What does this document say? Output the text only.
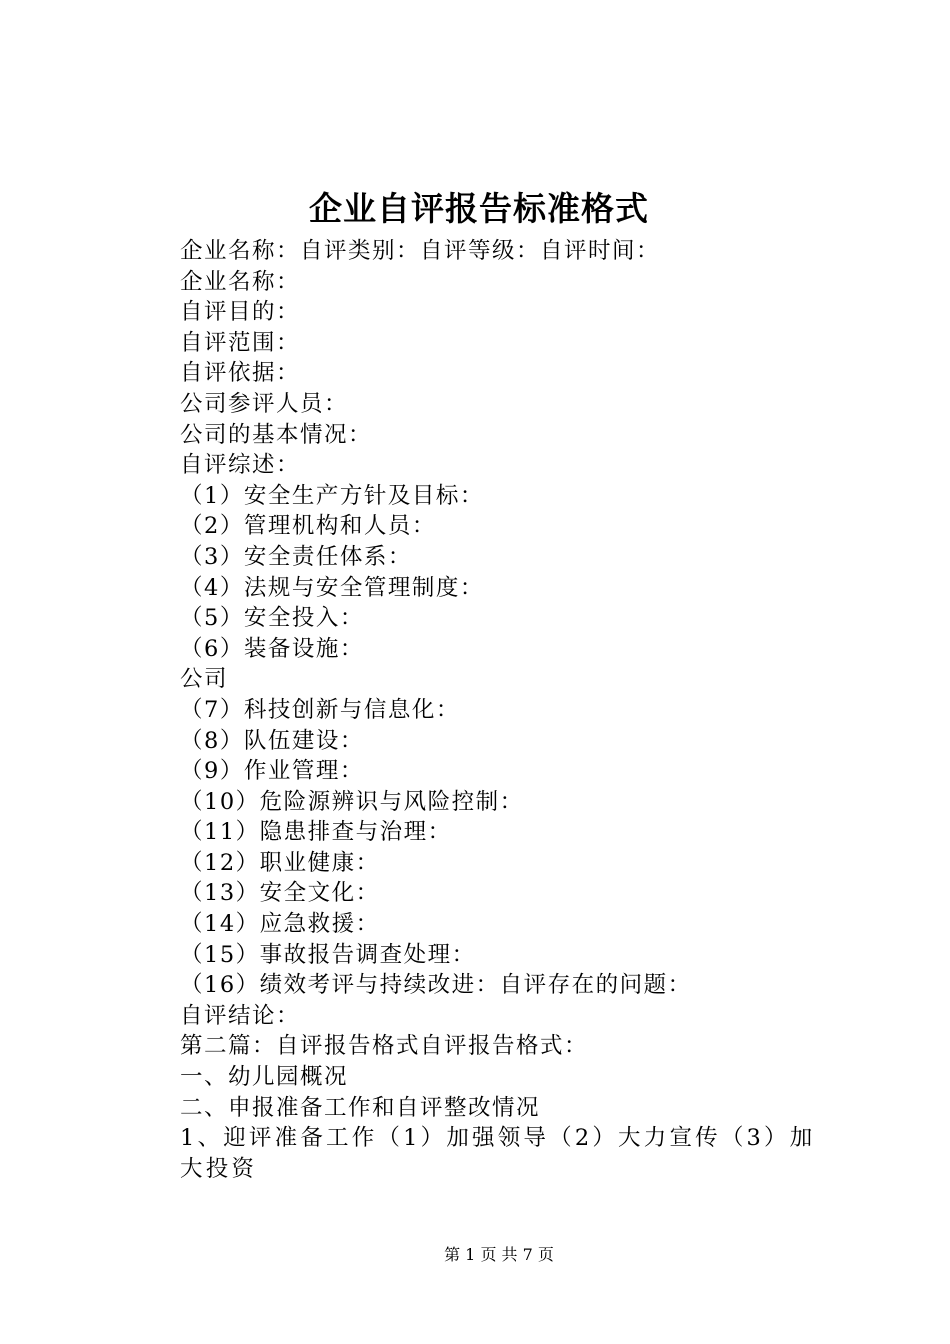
企业自评报告标准格式
企业名称：自评类别：自评等级：自评时间：
企业名称：
自评目的：
自评范围：
自评依据：
公司参评人员：
公司的基本情况：
自评综述：
（1）安全生产方针及目标：
（2）管理机构和人员：
（3）安全责任体系：
（4）法规与安全管理制度：
（5）安全投入：
（6）装备设施：
公司
（7）科技创新与信息化：
（8）队伍建设：
（9）作业管理：
（10）危险源辨识与风险控制：
（11）隐患排查与治理：
（12）职业健康：
（13）安全文化：
（14）应急救援：
（15）事故报告调查处理：
（16）绩效考评与持续改进：自评存在的问题：
自评结论：
第二篇：自评报告格式自评报告格式：
一、幼儿园概况
二、申报准备工作和自评整改情况
1、迎评准备工作（1）加强领导（2）大力宣传（3）加大投资
第 1 页 共 7 页
